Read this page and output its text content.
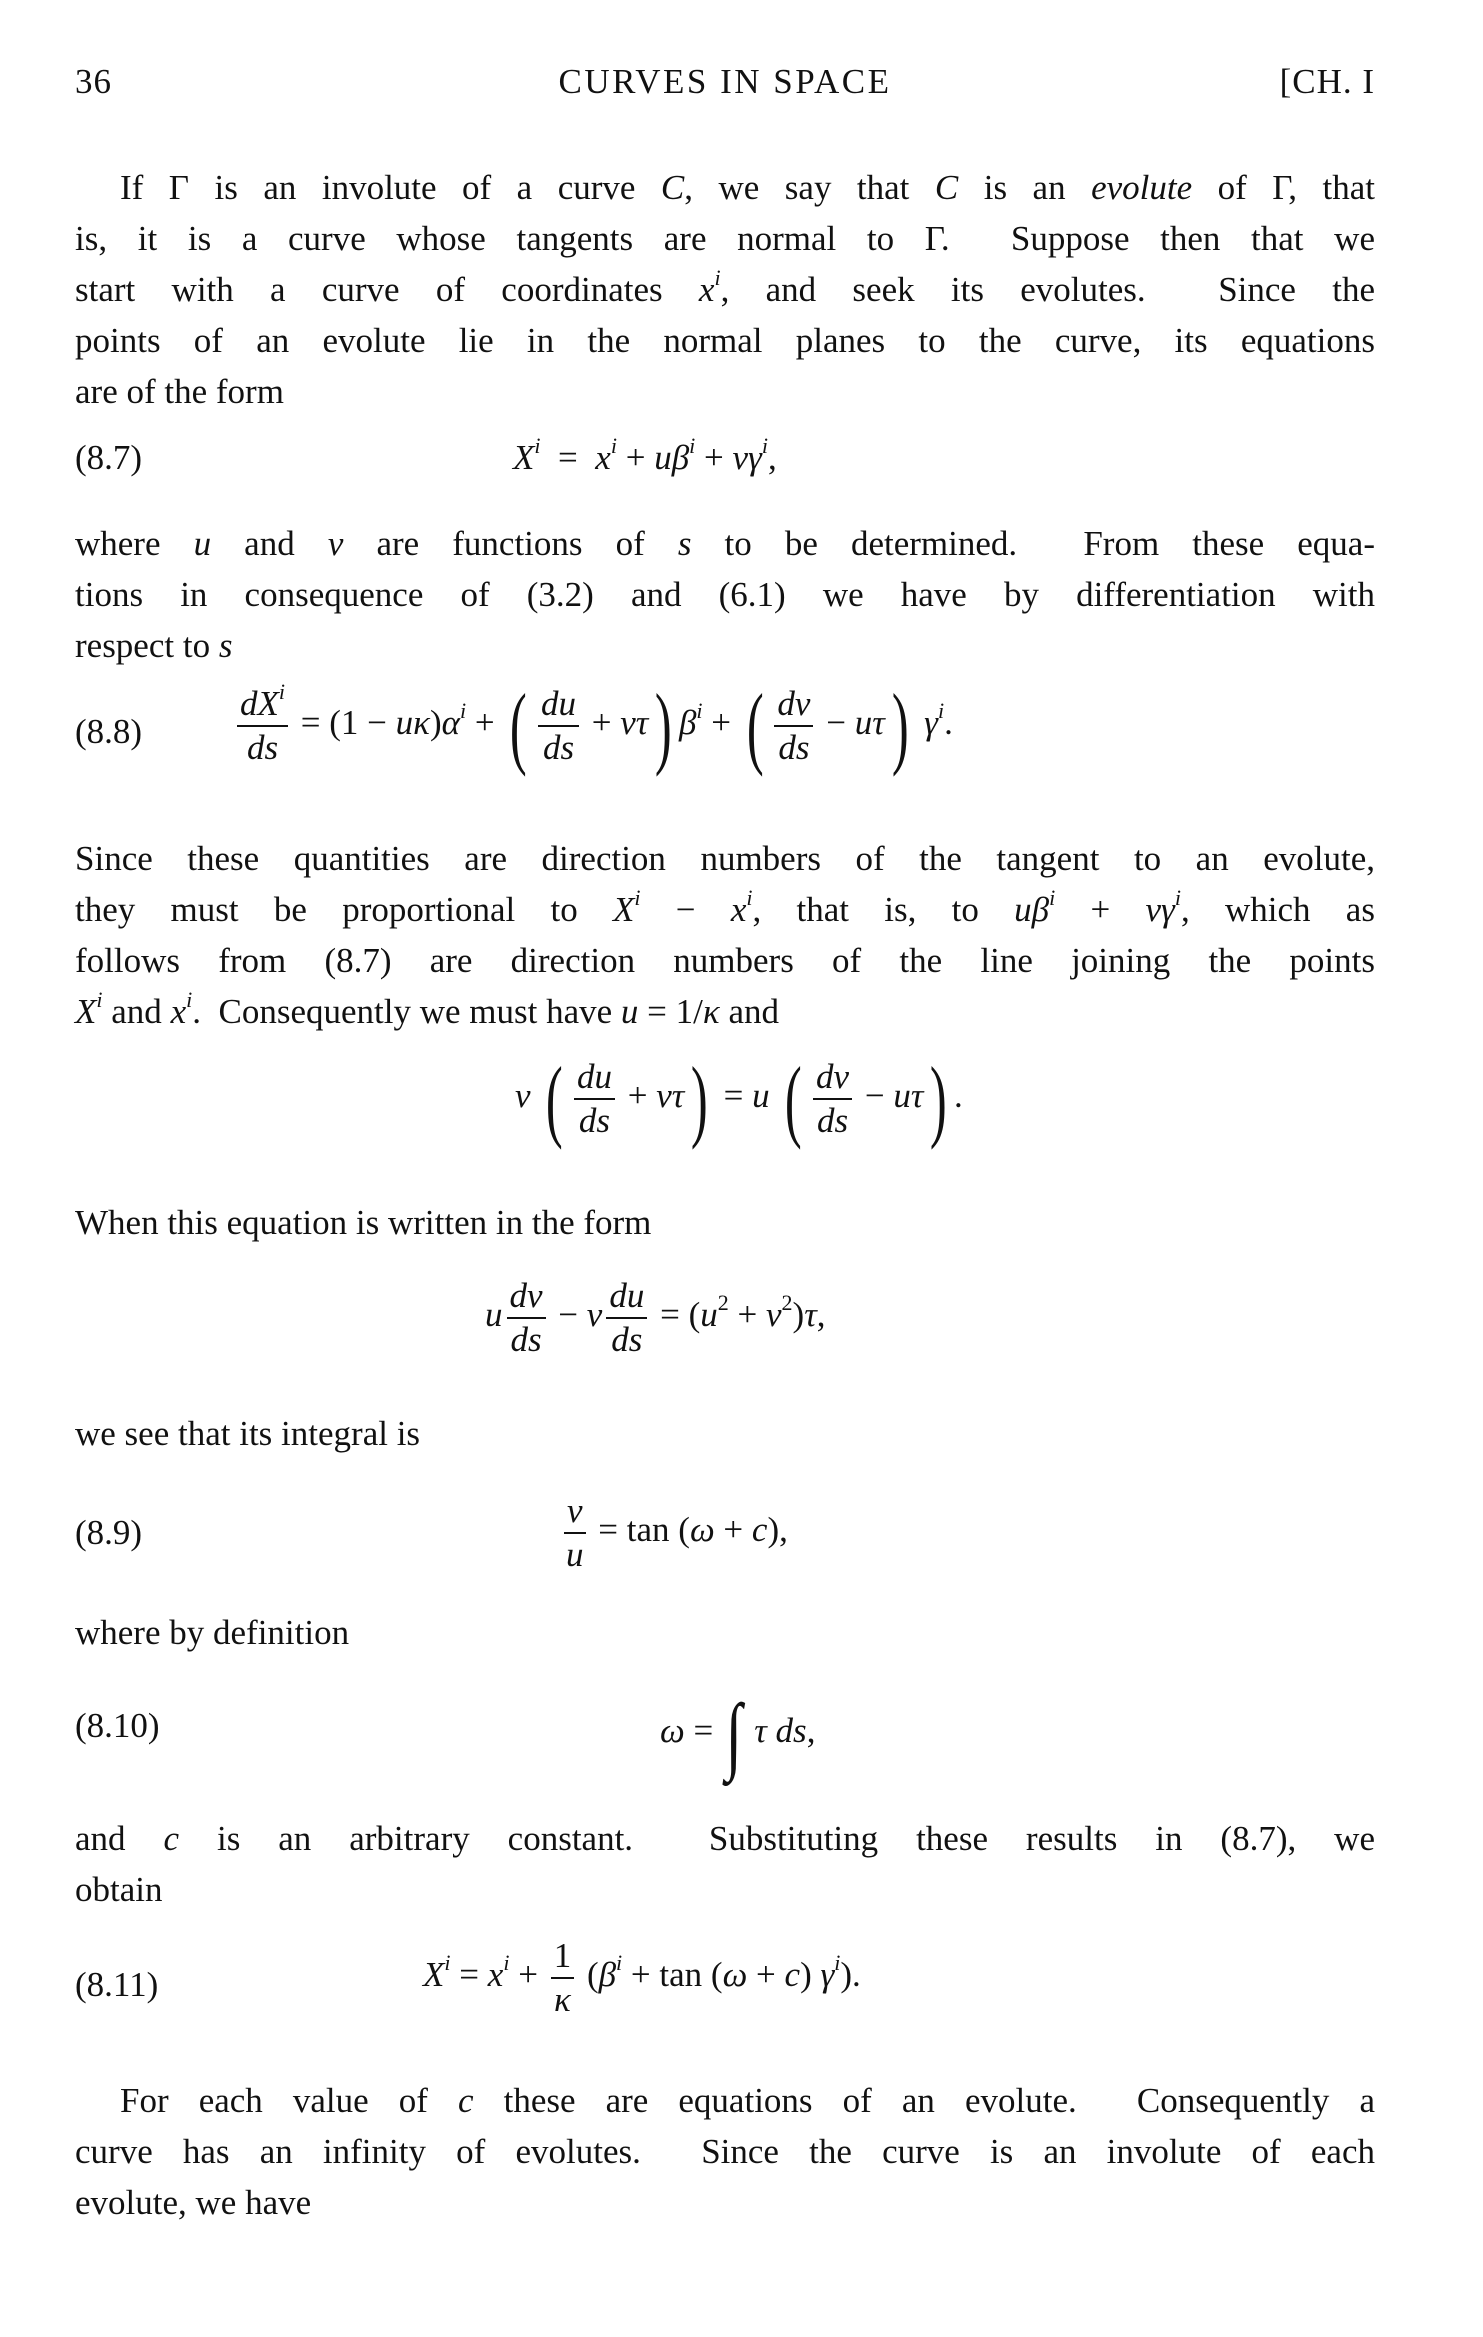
36	CURVES IN SPACE	[CH. I
If Γ is an involute of a curve C, we say that C is an evolute of Γ, that
is, it is a curve whose tangents are normal to Γ.  Suppose then that we
start with a curve of coordinates $x^i$, and seek its evolutes.  Since the
points of an evolute lie in the normal planes to the curve, its equations
are of the form
(8.7)	$X^i = x^i + u\beta^i + v\gamma^i$,
where u and v are functions of s to be determined.  From these equa-
tions in consequence of (3.2) and (6.1) we have by differentiation with
respect to s
(8.8)	$\frac{dX^i}{ds} = (1 - u\kappa)\alpha^i$ + ( $\frac{du}{ds} + v\tau$) $\beta^i$ + ( $\frac{dv}{ds} - u\tau$) $\gamma^i$.
Since these quantities are direction numbers of the tangent to an evolute,
they must be proportional to $X^i - x^i$, that is, to $u\beta^i + v\gamma^i$, which as
follows from (8.7) are direction numbers of the line joining the points
$X^i$ and $x^i$.  Consequently we must have u = 1/κ and
v ( $\frac{du}{ds} + v\tau) = u$ ( $\frac{dv}{ds} - u\tau$) .
When this equation is written in the form
u $\frac{dv}{ds} - v \frac{du}{ds} = (u^2 + v^2)\tau$,
we see that its integral is
(8.9)	$\frac{v}{u} = \tan (\omega + c)$,
where by definition
(8.10)	ω = ∫ τ ds,
and c is an arbitrary constant.  Substituting these results in (8.7), we
obtain
(8.11)	$X^i = x^i + \frac{1}{\kappa} (\beta^i + \tan (\omega + c)$ $\gamma^i$).
For each value of c these are equations of an evolute.  Consequently a
curve has an infinity of evolutes.  Since the curve is an involute of each
evolute, we have
